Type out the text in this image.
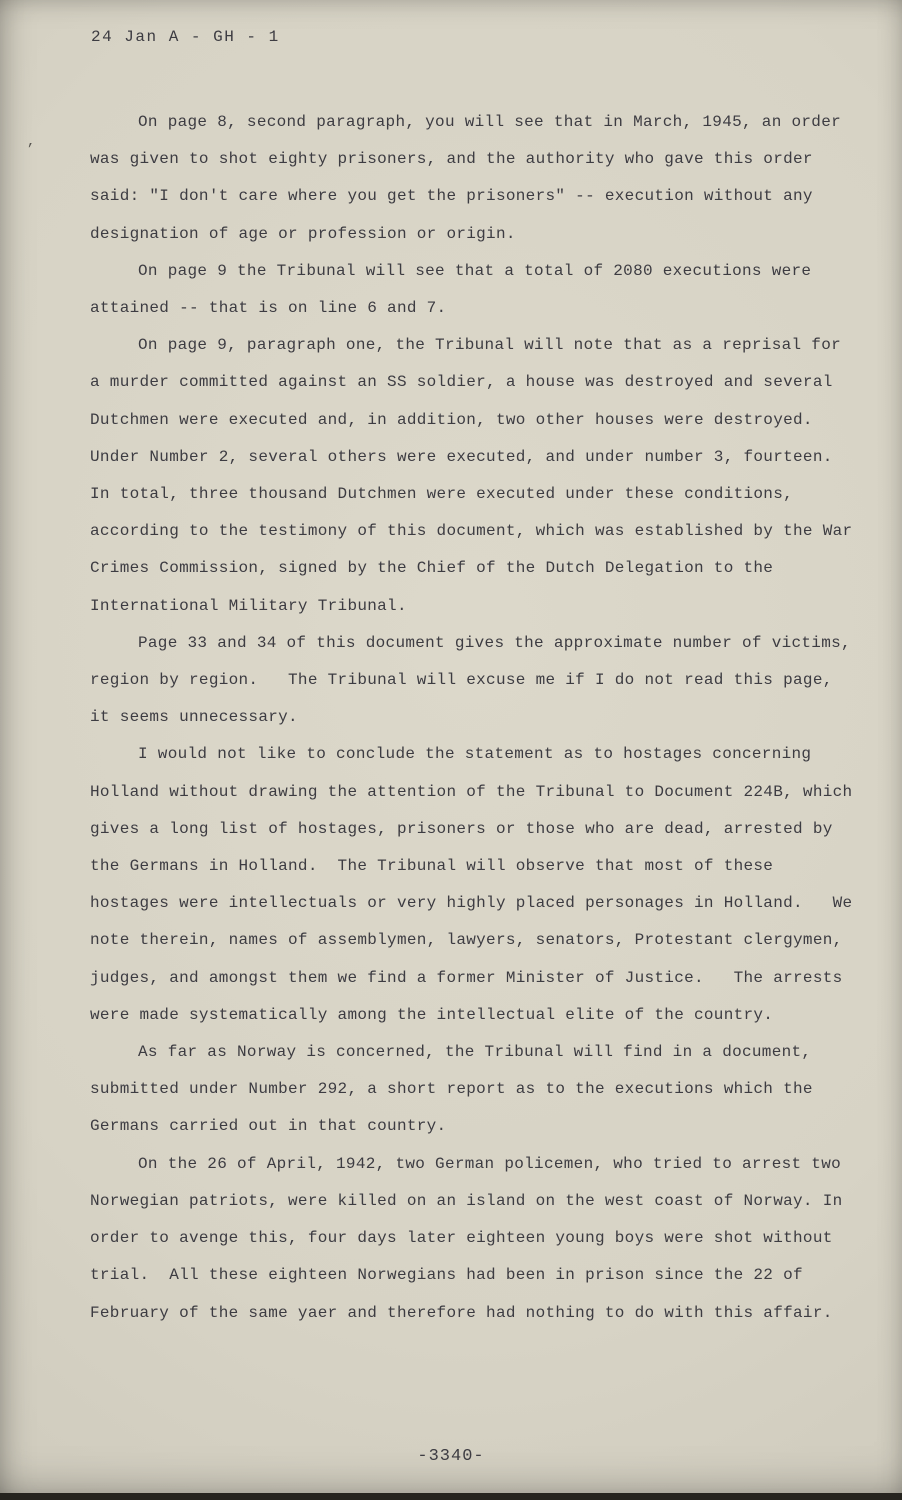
24 Jan A - GH - 1
’

On page 8, second paragraph, you will see that in March, 1945, an order was given to shot eighty prisoners, and the authority who gave this order said: "I don't care where you get the prisoners" -- execution without any designation of age or profession or origin.

On page 9 the Tribunal will see that a total of 2080 executions were attained -- that is on line 6 and 7.

On page 9, paragraph one, the Tribunal will note that as a reprisal for a murder committed against an SS soldier, a house was destroyed and several Dutchmen were executed and, in addition, two other houses were destroyed. Under Number 2, several others were executed, and under number 3, fourteen. In total, three thousand Dutchmen were executed under these conditions, according to the testimony of this document, which was established by the War Crimes Commission, signed by the Chief of the Dutch Delegation to the International Military Tribunal.

Page 33 and 34 of this document gives the approximate number of victims, region by region.   The Tribunal will excuse me if I do not read this page, it seems unnecessary.

I would not like to conclude the statement as to hostages concerning Holland without drawing the attention of the Tribunal to Document 224B, which gives a long list of hostages, prisoners or those who are dead, arrested by the Germans in Holland.  The Tribunal will observe that most of these hostages were intellectuals or very highly placed personages in Holland.   We note therein, names of assemblymen, lawyers, senators, Protestant clergymen, judges, and amongst them we find a former Minister of Justice.   The arrests were made systematically among the intellectual elite of the country.

As far as Norway is concerned, the Tribunal will find in a document, submitted under Number 292, a short report as to the executions which the Germans carried out in that country.

On the 26 of April, 1942, two German policemen, who tried to arrest two Norwegian patriots, were killed on an island on the west coast of Norway. In order to avenge this, four days later eighteen young boys were shot without trial.  All these eighteen Norwegians had been in prison since the 22 of February of the same yaer and therefore had nothing to do with this affair.

-3340-
